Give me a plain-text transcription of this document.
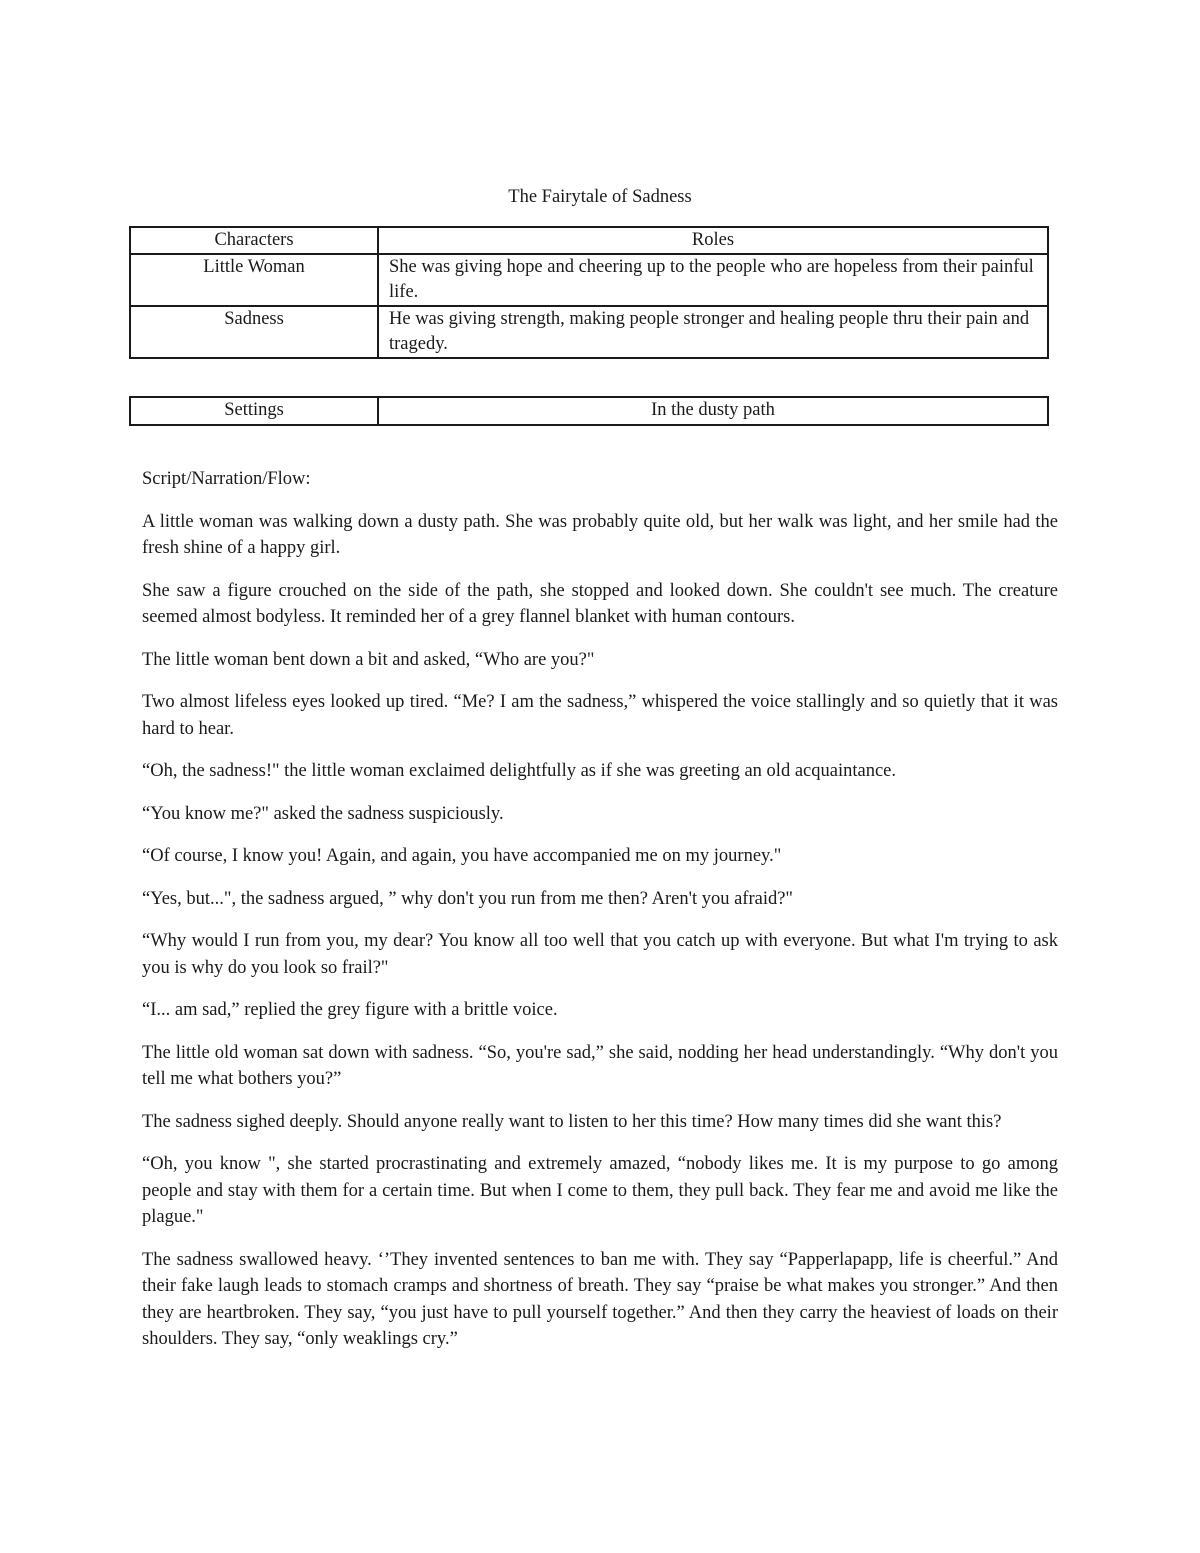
The Fairytale of Sadness
Characters	Roles
Little Woman	She was giving hope and cheering up to the people who are hopeless from their painful life.
Sadness	He was giving strength, making people stronger and healing people thru their pain and tragedy.
Settings	In the dusty path

Script/Narration/Flow:

A little woman was walking down a dusty path. She was probably quite old, but her walk was light, and her smile had the fresh shine of a happy girl.

She saw a figure crouched on the side of the path, she stopped and looked down. She couldn't see much. The creature seemed almost bodyless. It reminded her of a grey flannel blanket with human contours.

The little woman bent down a bit and asked, “Who are you?"

Two almost lifeless eyes looked up tired. “Me? I am the sadness,” whispered the voice stallingly and so quietly that it was hard to hear.

“Oh, the sadness!" the little woman exclaimed delightfully as if she was greeting an old acquaintance.

“You know me?" asked the sadness suspiciously.

“Of course, I know you! Again, and again, you have accompanied me on my journey."

“Yes, but...", the sadness argued, ” why don't you run from me then? Aren't you afraid?"

“Why would I run from you, my dear? You know all too well that you catch up with everyone. But what I'm trying to ask you is why do you look so frail?"

“I... am sad,” replied the grey figure with a brittle voice.

The little old woman sat down with sadness. “So, you're sad,” she said, nodding her head understandingly. “Why don't you tell me what bothers you?”

The sadness sighed deeply. Should anyone really want to listen to her this time? How many times did she want this?

“Oh, you know ", she started procrastinating and extremely amazed, “nobody likes me. It is my purpose to go among people and stay with them for a certain time. But when I come to them, they pull back. They fear me and avoid me like the plague."

The sadness swallowed heavy. ‘’They invented sentences to ban me with. They say “Papperlapapp, life is cheerful.” And their fake laugh leads to stomach cramps and shortness of breath. They say “praise be what makes you stronger.” And then they are heartbroken. They say, “you just have to pull yourself together.” And then they carry the heaviest of loads on their shoulders. They say, “only weaklings cry.”
